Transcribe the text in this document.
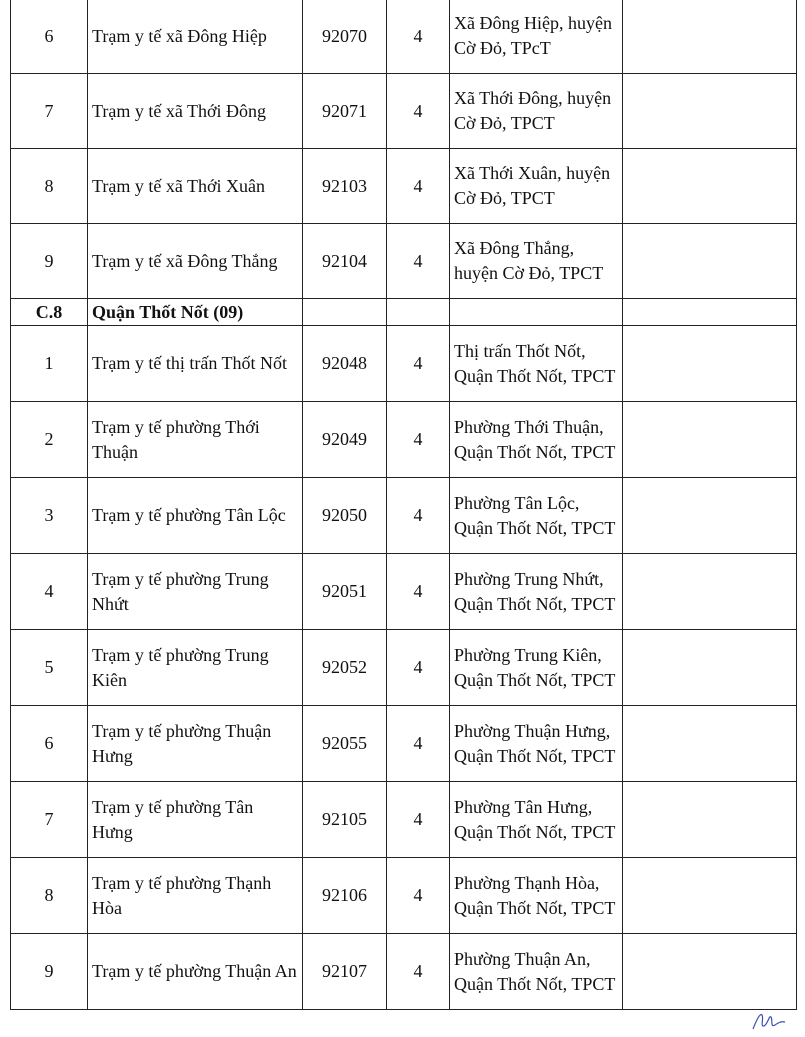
6	Trạm y tế xã Đông Hiệp	92070	4	Xã Đông Hiệp, huyện Cờ Đỏ, TPcT	
7	Trạm y tế xã Thới Đông	92071	4	Xã Thới Đông, huyện Cờ Đỏ, TPCT	
8	Trạm y tế xã Thới Xuân	92103	4	Xã Thới Xuân, huyện Cờ Đỏ, TPCT	
9	Trạm y tế xã Đông Thắng	92104	4	Xã Đông Thắng, huyện Cờ Đỏ, TPCT	
C.8	Quận Thốt Nốt (09)				
1	Trạm y tế thị trấn Thốt Nốt	92048	4	Thị trấn Thốt Nốt, Quận Thốt Nốt, TPCT	
2	Trạm y tế phường Thới Thuận	92049	4	Phường Thới Thuận, Quận Thốt Nốt, TPCT	
3	Trạm y tế phường Tân Lộc	92050	4	Phường Tân Lộc, Quận Thốt Nốt, TPCT	
4	Trạm y tế phường Trung Nhứt	92051	4	Phường Trung Nhứt, Quận Thốt Nốt, TPCT	
5	Trạm y tế phường Trung Kiên	92052	4	Phường Trung Kiên, Quận Thốt Nốt, TPCT	
6	Trạm y tế phường Thuận Hưng	92055	4	Phường Thuận Hưng, Quận Thốt Nốt, TPCT	
7	Trạm y tế phường Tân Hưng	92105	4	Phường Tân Hưng, Quận Thốt Nốt, TPCT	
8	Trạm y tế phường Thạnh Hòa	92106	4	Phường Thạnh Hòa, Quận Thốt Nốt, TPCT	
9	Trạm y tế phường Thuận An	92107	4	Phường Thuận An, Quận Thốt Nốt, TPCT	
